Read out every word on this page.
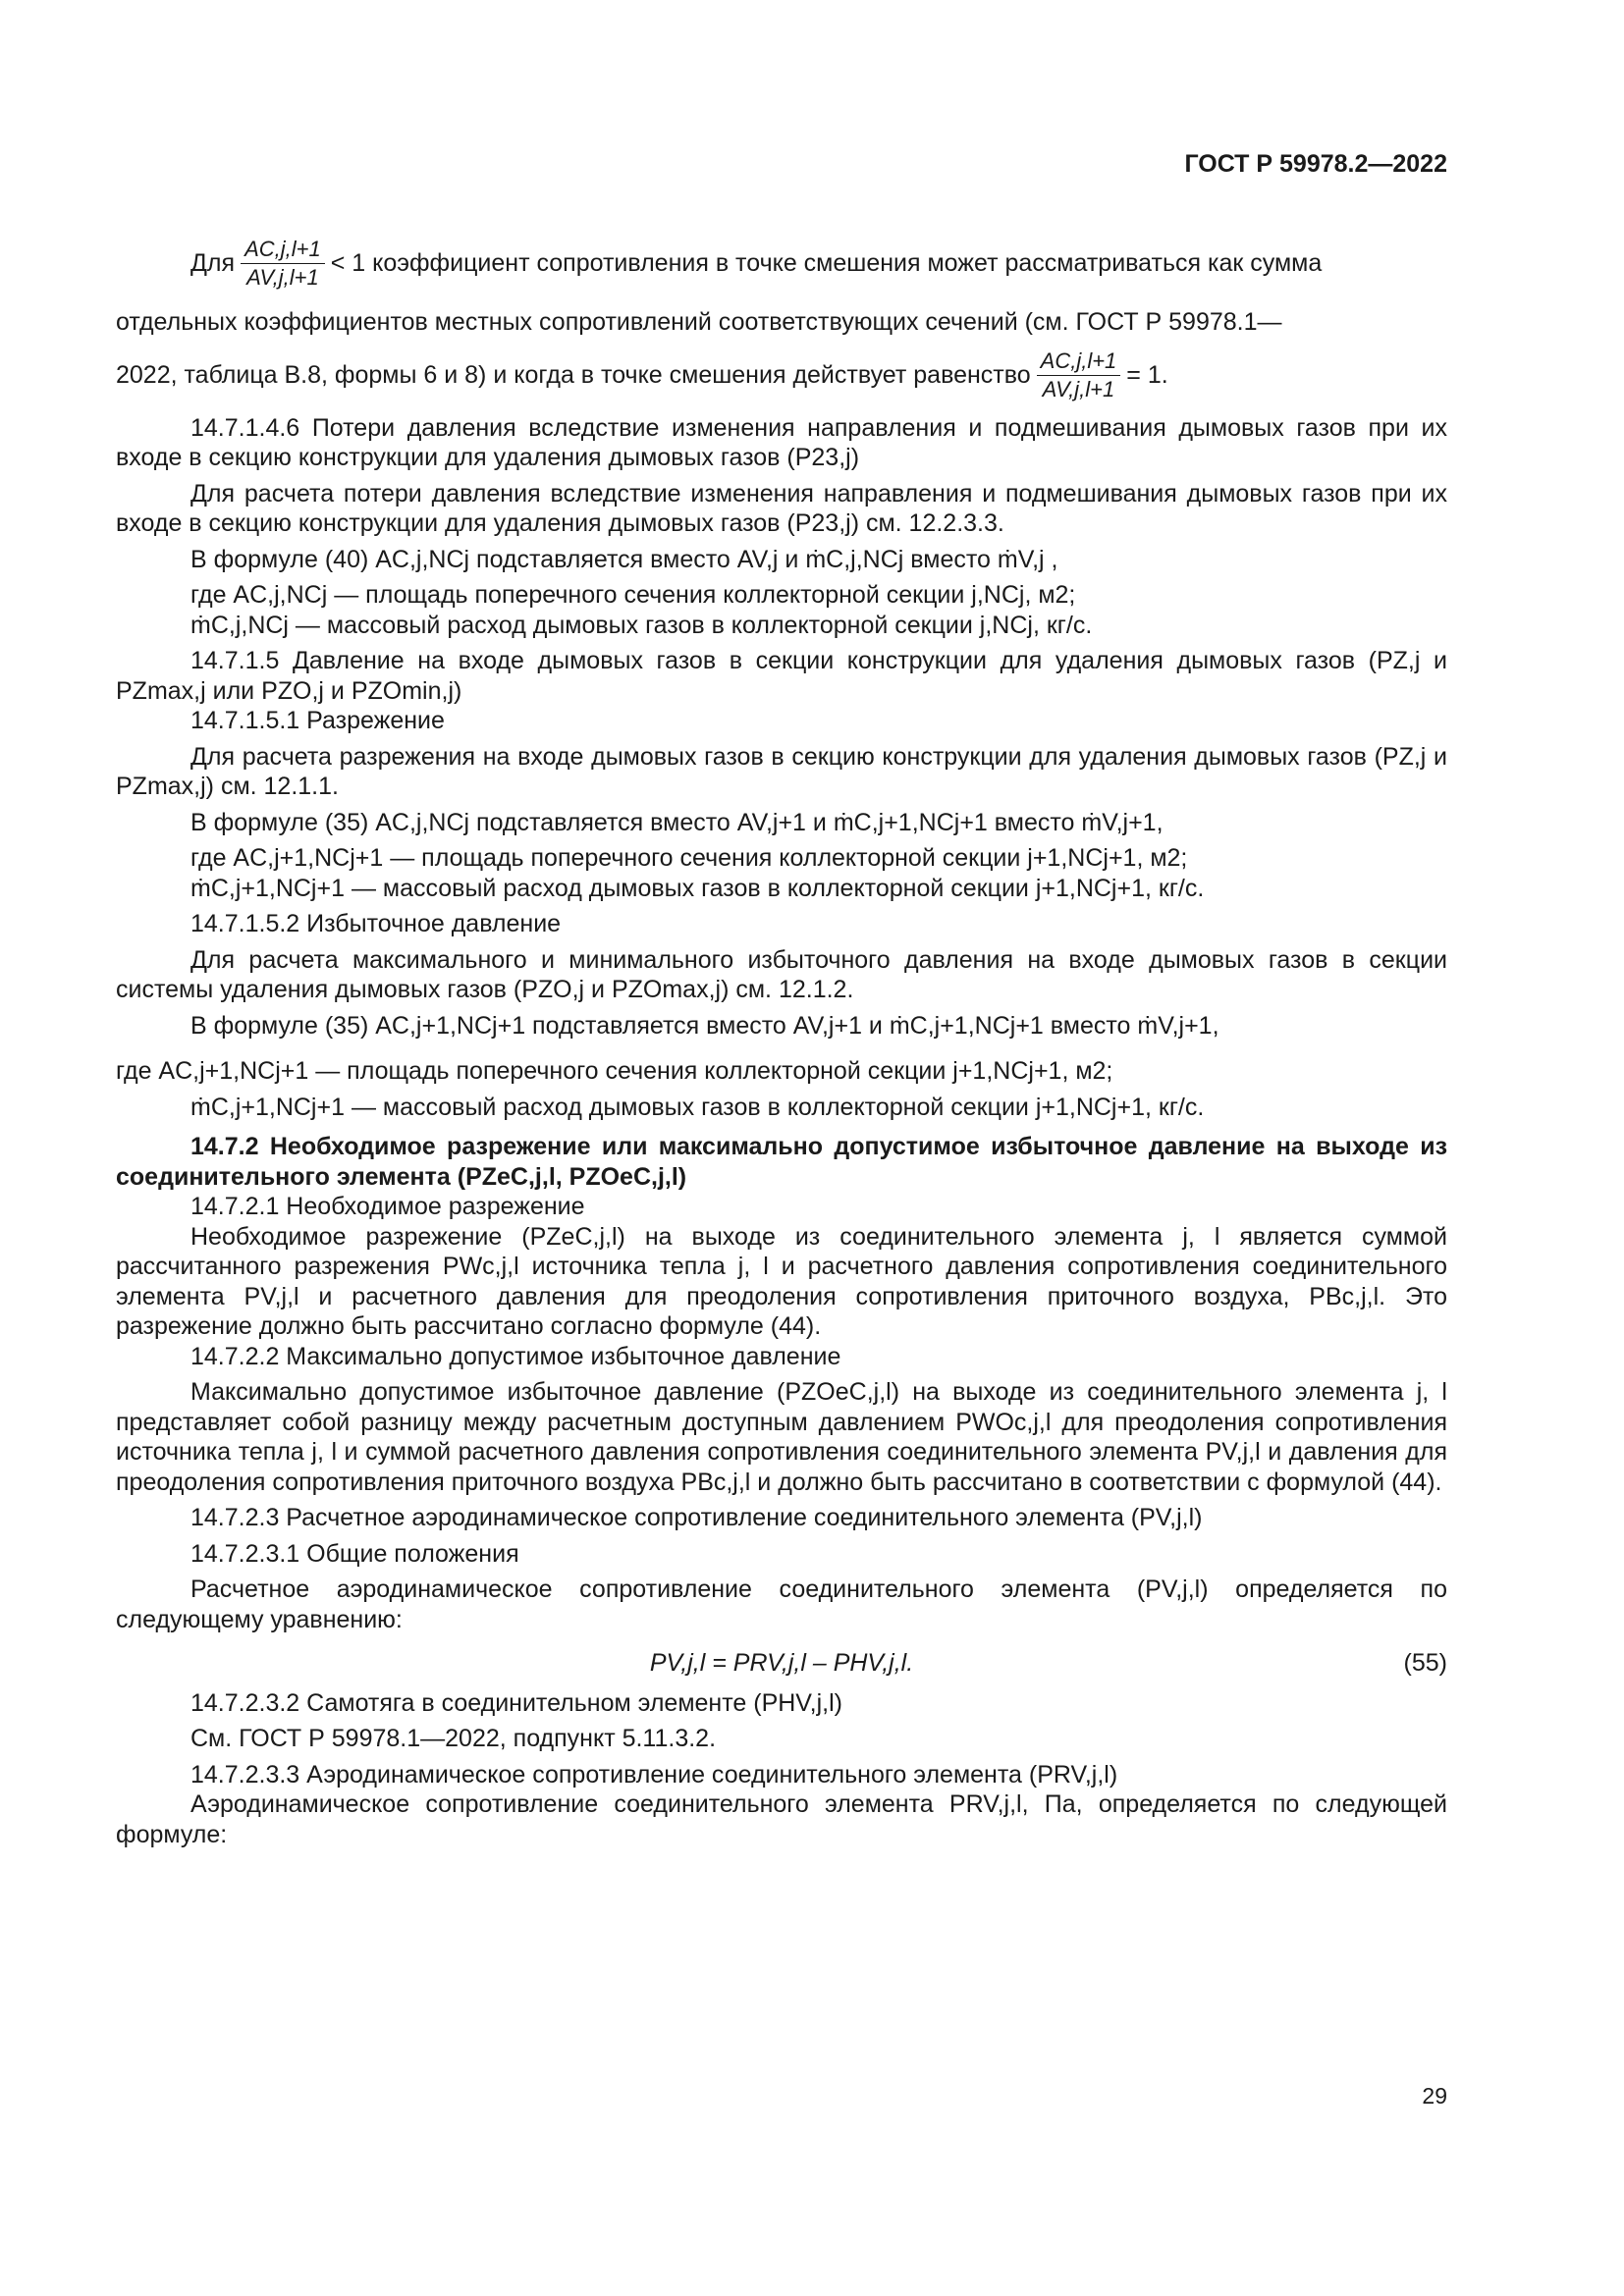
ГОСТ Р 59978.2—2022
Для $\frac{AC,j,l+1}{AV,j,l+1} < 1$ коэффициент сопротивления в точке смешения может рассматриваться как сумма

отдельных коэффициентов местных сопротивлений соответствующих сечений (см. ГОСТ Р 59978.1—

2022, таблица В.8, формы 6 и 8) и когда в точке смешения действует равенство $\frac{AC,j,l+1}{AV,j,l+1} = 1$.

14.7.1.4.6 Потери давления вследствие изменения направления и подмешивания дымовых газов при их входе в секцию конструкции для удаления дымовых газов (P23,j)

Для расчета потери давления вследствие изменения направления и подмешивания дымовых газов при их входе в секцию конструкции для удаления дымовых газов (P23,j) см. 12.2.3.3.

В формуле (40) AC,j,NCj подставляется вместо AV,j и ṁC,j,NCj вместо ṁV,j ,

где AC,j,NCj — площадь поперечного сечения коллекторной секции j,NCj, м2;

ṁC,j,NCj — массовый расход дымовых газов в коллекторной секции j,NCj, кг/с.

14.7.1.5 Давление на входе дымовых газов в секции конструкции для удаления дымовых газов (PZ,j и PZmax,j или PZO,j и PZOmin,j)

14.7.1.5.1 Разрежение

Для расчета разрежения на входе дымовых газов в секцию конструкции для удаления дымовых газов (PZ,j и PZmax,j) см. 12.1.1.

В формуле (35) AC,j,NCj подставляется вместо AV,j+1 и ṁC,j+1,NCj+1 вместо ṁV,j+1,

где AC,j+1,NCj+1 — площадь поперечного сечения коллекторной секции j+1,NCj+1, м2;

ṁC,j+1,NCj+1 — массовый расход дымовых газов в коллекторной секции j+1,NCj+1, кг/с.

14.7.1.5.2 Избыточное давление

Для расчета максимального и минимального избыточного давления на входе дымовых газов в секции системы удаления дымовых газов (PZO,j и PZOmax,j) см. 12.1.2.

В формуле (35) AC,j+1,NCj+1 подставляется вместо AV,j+1 и ṁC,j+1,NCj+1 вместо ṁV,j+1,

где AC,j+1,NCj+1 — площадь поперечного сечения коллекторной секции j+1,NCj+1, м2;

ṁC,j+1,NCj+1 — массовый расход дымовых газов в коллекторной секции j+1,NCj+1, кг/с.

14.7.2 Необходимое разрежение или максимально допустимое избыточное давление на выходе из соединительного элемента (PZeC,j,l, PZOeC,j,l)

14.7.2.1 Необходимое разрежение

Необходимое разрежение (PZeC,j,l) на выходе из соединительного элемента j, l является суммой рассчитанного разрежения PWc,j,l источника тепла j, l и расчетного давления сопротивления соединительного элемента PV,j,l и расчетного давления для преодоления сопротивления приточного воздуха, PBc,j,l. Это разрежение должно быть рассчитано согласно формуле (44).

14.7.2.2 Максимально допустимое избыточное давление

Максимально допустимое избыточное давление (PZOeC,j,l) на выходе из соединительного элемента j, l представляет собой разницу между расчетным доступным давлением PWOc,j,l для преодоления сопротивления источника тепла j, l и суммой расчетного давления сопротивления соединительного элемента PV,j,l и давления для преодоления сопротивления приточного воздуха PBc,j,l и должно быть рассчитано в соответствии с формулой (44).

14.7.2.3 Расчетное аэродинамическое сопротивление соединительного элемента (PV,j,l)

14.7.2.3.1 Общие положения

Расчетное аэродинамическое сопротивление соединительного элемента (PV,j,l) определяется по следующему уравнению:

PV,j,l = PRV,j,l – PHV,j,l.	(55)

14.7.2.3.2 Самотяга в соединительном элементе (PHV,j,l)

См. ГОСТ Р 59978.1—2022, подпункт 5.11.3.2.

14.7.2.3.3 Аэродинамическое сопротивление соединительного элемента (PRV,j,l)

Аэродинамическое сопротивление соединительного элемента PRV,j,l, Па, определяется по следующей формуле:

29
